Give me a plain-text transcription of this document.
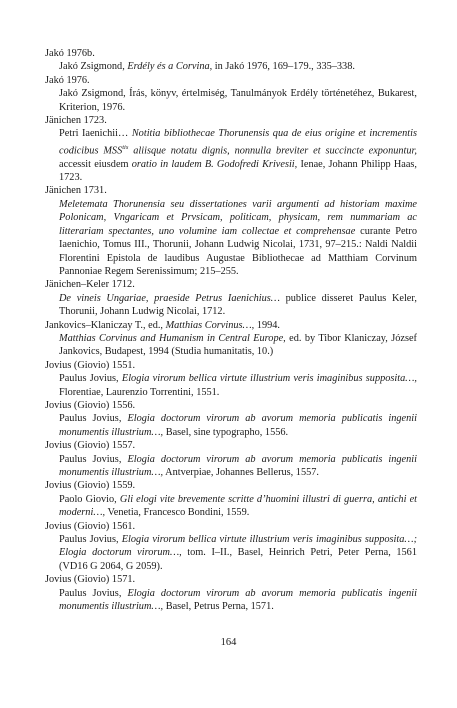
Jakó 1976b.

Jakó Zsigmond, Erdély és a Corvina, in Jakó 1976, 169–179., 335–338.

Jakó 1976.

Jakó Zsigmond, Írás, könyv, értelmiség, Tanulmányok Erdély történetéhez, Bukarest, Kriterion, 1976.

Jänichen 1723.

Petri Iaenichii… Notitia bibliothecae Thorunensis qua de eius origine et incrementis codicibus $MSS^{tis}$ aliisque notatu dignis, nonnulla breviter et succincte exponuntur, accessit eiusdem oratio in laudem B. Godofredi Krivesii, Ienae, Johann Philipp Haas, 1723.

Jänichen 1731.

Meletemata Thorunensia seu dissertationes varii argumenti ad historiam maxime Polonicam, Vngaricam et Prvsicam, politicam, physicam, rem nummariam ac litterariam spectantes, uno volumine iam collectae et comprehensae curante Petro Iaenichio, Tomus III., Thorunii, Johann Ludwig Nicolai, 1731, 97–215.: Naldi Naldii Florentini Epistola de laudibus Augustae Bibliothecae ad Matthiam Corvinum Pannoniae Regem Serenissimum; 215–255.

Jänichen–Keler 1712.

De vineis Ungariae, praeside Petrus Iaenichius… publice disseret Paulus Keler, Thorunii, Johann Ludwig Nicolai, 1712.

Jankovics–Klaniczay T., ed., Matthias Corvinus…, 1994.

Matthias Corvinus and Humanism in Central Europe, ed. by Tibor Klaniczay, József Jankovics, Budapest, 1994 (Studia humanitatis, 10.)

Jovius (Giovio) 1551.

Paulus Jovius, Elogia virorum bellica virtute illustrium veris imaginibus supposita…, Florentiae, Laurenzio Torrentini, 1551.

Jovius (Giovio) 1556.

Paulus Jovius, Elogia doctorum virorum ab avorum memoria publicatis ingenii monumentis illustrium…, Basel, sine typographo, 1556.

Jovius (Giovio) 1557.

Paulus Jovius, Elogia doctorum virorum ab avorum memoria publicatis ingenii monumentis illustrium…, Antverpiae, Johannes Bellerus, 1557.

Jovius (Giovio) 1559.

Paolo Giovio, Gli elogi vite brevemente scritte d’huomini illustri di guerra, antichi et moderni…, Venetia, Francesco Bondini, 1559.

Jovius (Giovio) 1561.

Paulus Jovius, Elogia virorum bellica virtute illustrium veris imaginibus supposita…; Elogia doctorum virorum…, tom. I–II., Basel, Heinrich Petri, Peter Perna, 1561 (VD16 G 2064, G 2059).

Jovius (Giovio) 1571.

Paulus Jovius, Elogia doctorum virorum ab avorum memoria publicatis ingenii monumentis illustrium…, Basel, Petrus Perna, 1571.

164
